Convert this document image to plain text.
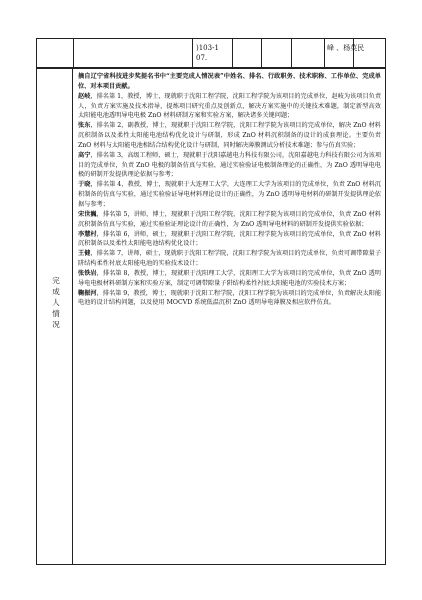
)103-1
07.
峰 、杨英民
完成人情况

摘自辽宁省科技进步奖提名书中“主要完成人情况表”中姓名、排名、行政职务、技术职称、工作单位、完成单位、对本项目贡献。

赵岐，排名第 1，教授，博士，现就职于沈阳工程学院，沈阳工程学院为该项目的完成单位，赵岐为该项目负责人，负责方案实施及技术指导，提炼项目研究重点及创新点，解决方案实施中的关键技术难题，制定新型高效太阳能电池透明导电电极 ZnO 材料研制方案和实验方案，解决诸多关键问题；

张东，排名第 2，副教授，博士，现就职于沈阳工程学院，沈阳工程学院为该项目的完成单位，解决 ZnO 材料沉积制备以及柔性太阳能电池结构优化设计与研制，形成 ZnO 材料沉积制备的设计的成套理论。主要负责 ZnO 材料与太阳能电池相结合结构优化设计与研制，同时解决薄膜测试分析技术难题；参与仿真实验；

高宁，排名第 3，高级工程师，硕士，现就职于沈阳嘉越电力科技有限公司，沈阳嘉越电力科技有限公司为该项目的完成单位，负责 ZnO 电极的制备仿真与实验，通过实验验证电极制备理论的正确性，为 ZnO 透明导电电极的研制开发提供理论依据与参考；

于晓，排名第 4，教授，博士，现就职于大连理工大学，大连理工大学为该项目的完成单位，负责 ZnO 材料沉积制备的仿真与实验，通过实验验证导电材料理论设计的正确性，为 ZnO 透明导电材料的研制开发提供理论依据与参考；

宋世巍，排名第 5，讲师，博士，现就职于沈阳工程学院，沈阳工程学院为该项目的完成单位，负责 ZnO 材料沉积制备仿真与实验，通过实验验证理论设计的正确性，为 ZnO 透明导电材料的研制开发提供实验依据；

李慧村，排名第 6，讲师，硕士，现就职于沈阳工程学院，沈阳工程学院为该项目的完成单位，负责 ZnO 材料沉积制备以及柔性太阳能电池结构优化设计；

王健，排名第 7，讲师，硕士，现就职于沈阳工程学院，沈阳工程学院为该项目的完成单位，负责可调带隙量子阱结构柔性衬底太阳能电池的实验技术设计；

张铁岩，排名第 8，教授，博士，现就职于沈阳理工大学，沈阳理工大学为该项目的完成单位，负责 ZnO 透明导电电极材料研制方案和实验方案，制定可调带隙量子阱结构柔性衬底太阳能电池的实验技术方案；

鞠振河，排名第 9，教授，博士，现就职于沈阳工程学院，沈阳工程学院为该项目的完成单位，负责解决太阳能电池的设计结构问题，以及使用 MOCVD 系统低温沉积 ZnO 透明导电薄膜及相应软件仿真。
